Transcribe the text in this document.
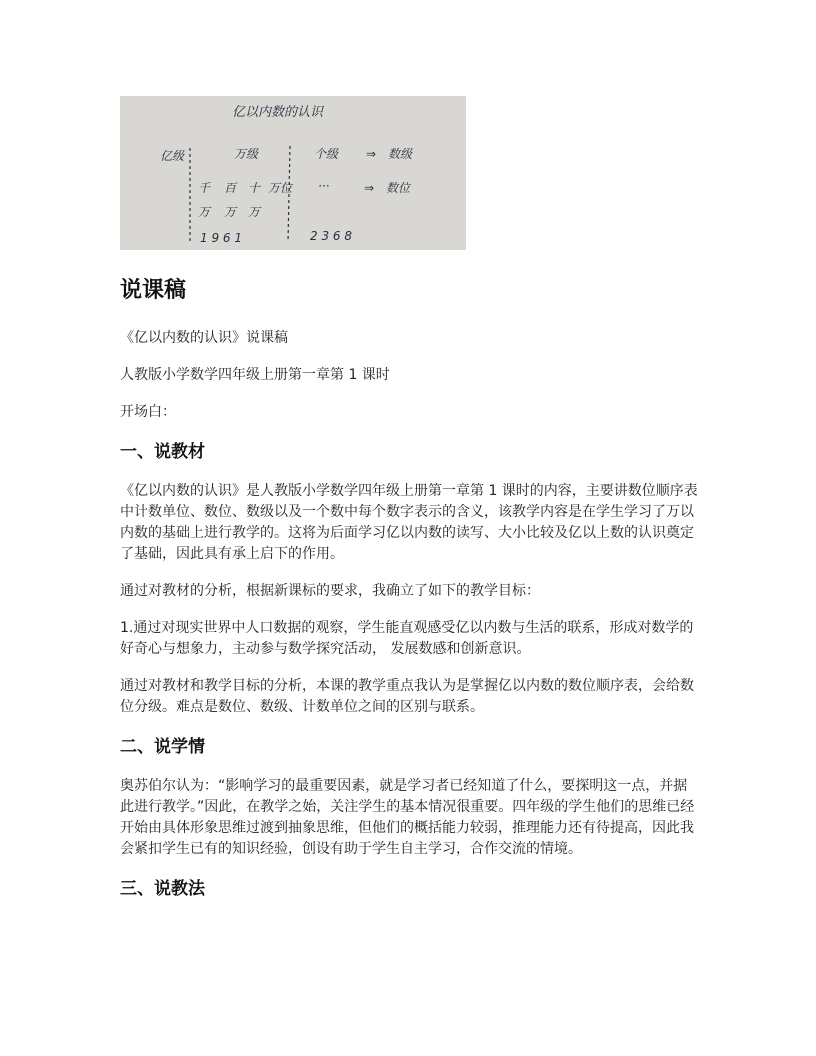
亿以内数的认识
亿级	万级	个级 ⇒ 数级
千 百 十 万位 ···	⇒ 数位
万 万 万
1 9 6 1	2 3 6 8
说课稿

《亿以内数的认识》说课稿

人教版小学数学四年级上册第一章第 1 课时

开场白：

一、说教材

《亿以内数的认识》是人教版小学数学四年级上册第一章第 1 课时的内容，主要讲数位顺序表中计数单位、数位、数级以及一个数中每个数字表示的含义，该教学内容是在学生学习了万以内数的基础上进行教学的。这将为后面学习亿以内数的读写、大小比较及亿以上数的认识奠定了基础，因此具有承上启下的作用。

通过对教材的分析，根据新课标的要求，我确立了如下的教学目标：

1.通过对现实世界中人口数据的观察，学生能直观感受亿以内数与生活的联系，形成对数学的好奇心与想象力，主动参与数学探究活动， 发展数感和创新意识。

通过对教材和教学目标的分析，本课的教学重点我认为是掌握亿以内数的数位顺序表，会给数位分级。难点是数位、数级、计数单位之间的区别与联系。

二、说学情

奥苏伯尔认为：“影响学习的最重要因素，就是学习者已经知道了什么，要探明这一点，并据此进行教学。”因此，在教学之始，关注学生的基本情况很重要。四年级的学生他们的思维已经开始由具体形象思维过渡到抽象思维，但他们的概括能力较弱，推理能力还有待提高，因此我会紧扣学生已有的知识经验，创设有助于学生自主学习，合作交流的情境。

三、说教法
